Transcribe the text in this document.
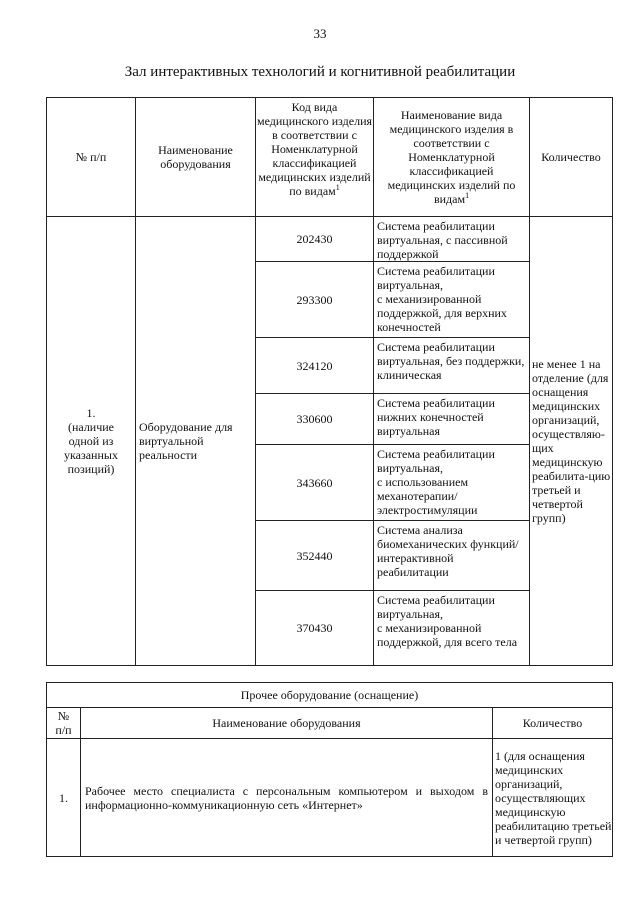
33
Зал интерактивных технологий и когнитивной реабилитации
№ п/п	Наименование оборудования	Код вида медицинского изделия в соответствии с Номенклатурной классификацией медицинских изделий по видам$^1$	Наименование вида медицинского изделия в соответствии с Номенклатурной классификацией медицинских изделий по видам$^1$	Количество
1.
(наличие одной из указанных позиций)	Оборудование для виртуальной реальности	202430	Система реабилитации виртуальная, с пассивной поддержкой	не менее 1 на отделение (для оснащения медицинских организаций, осуществляю-щих медицинскую реабилита-цию третьей и четвертой групп)
		293300	Система реабилитации виртуальная,
с механизированной поддержкой, для верхних конечностей	
		324120	Система реабилитации виртуальная, без поддержки, клиническая	
		330600	Система реабилитации нижних конечностей виртуальная	
		343660	Система реабилитации виртуальная,
с использованием механотерапии/ электростимуляции	
		352440	Система анализа биомеханических функций/интерактивной реабилитации	
		370430	Система реабилитации виртуальная,
с механизированной поддержкой, для всего тела	
Прочее оборудование (оснащение)		
№
п/п	Наименование оборудования	Количество
1.	Рабочее место специалиста с персональным компьютером и выходом в информационно-коммуникационную сеть «Интернет»	1 (для оснащения медицинских организаций, осуществляющих медицинскую реабилитацию третьей и четвертой групп)
